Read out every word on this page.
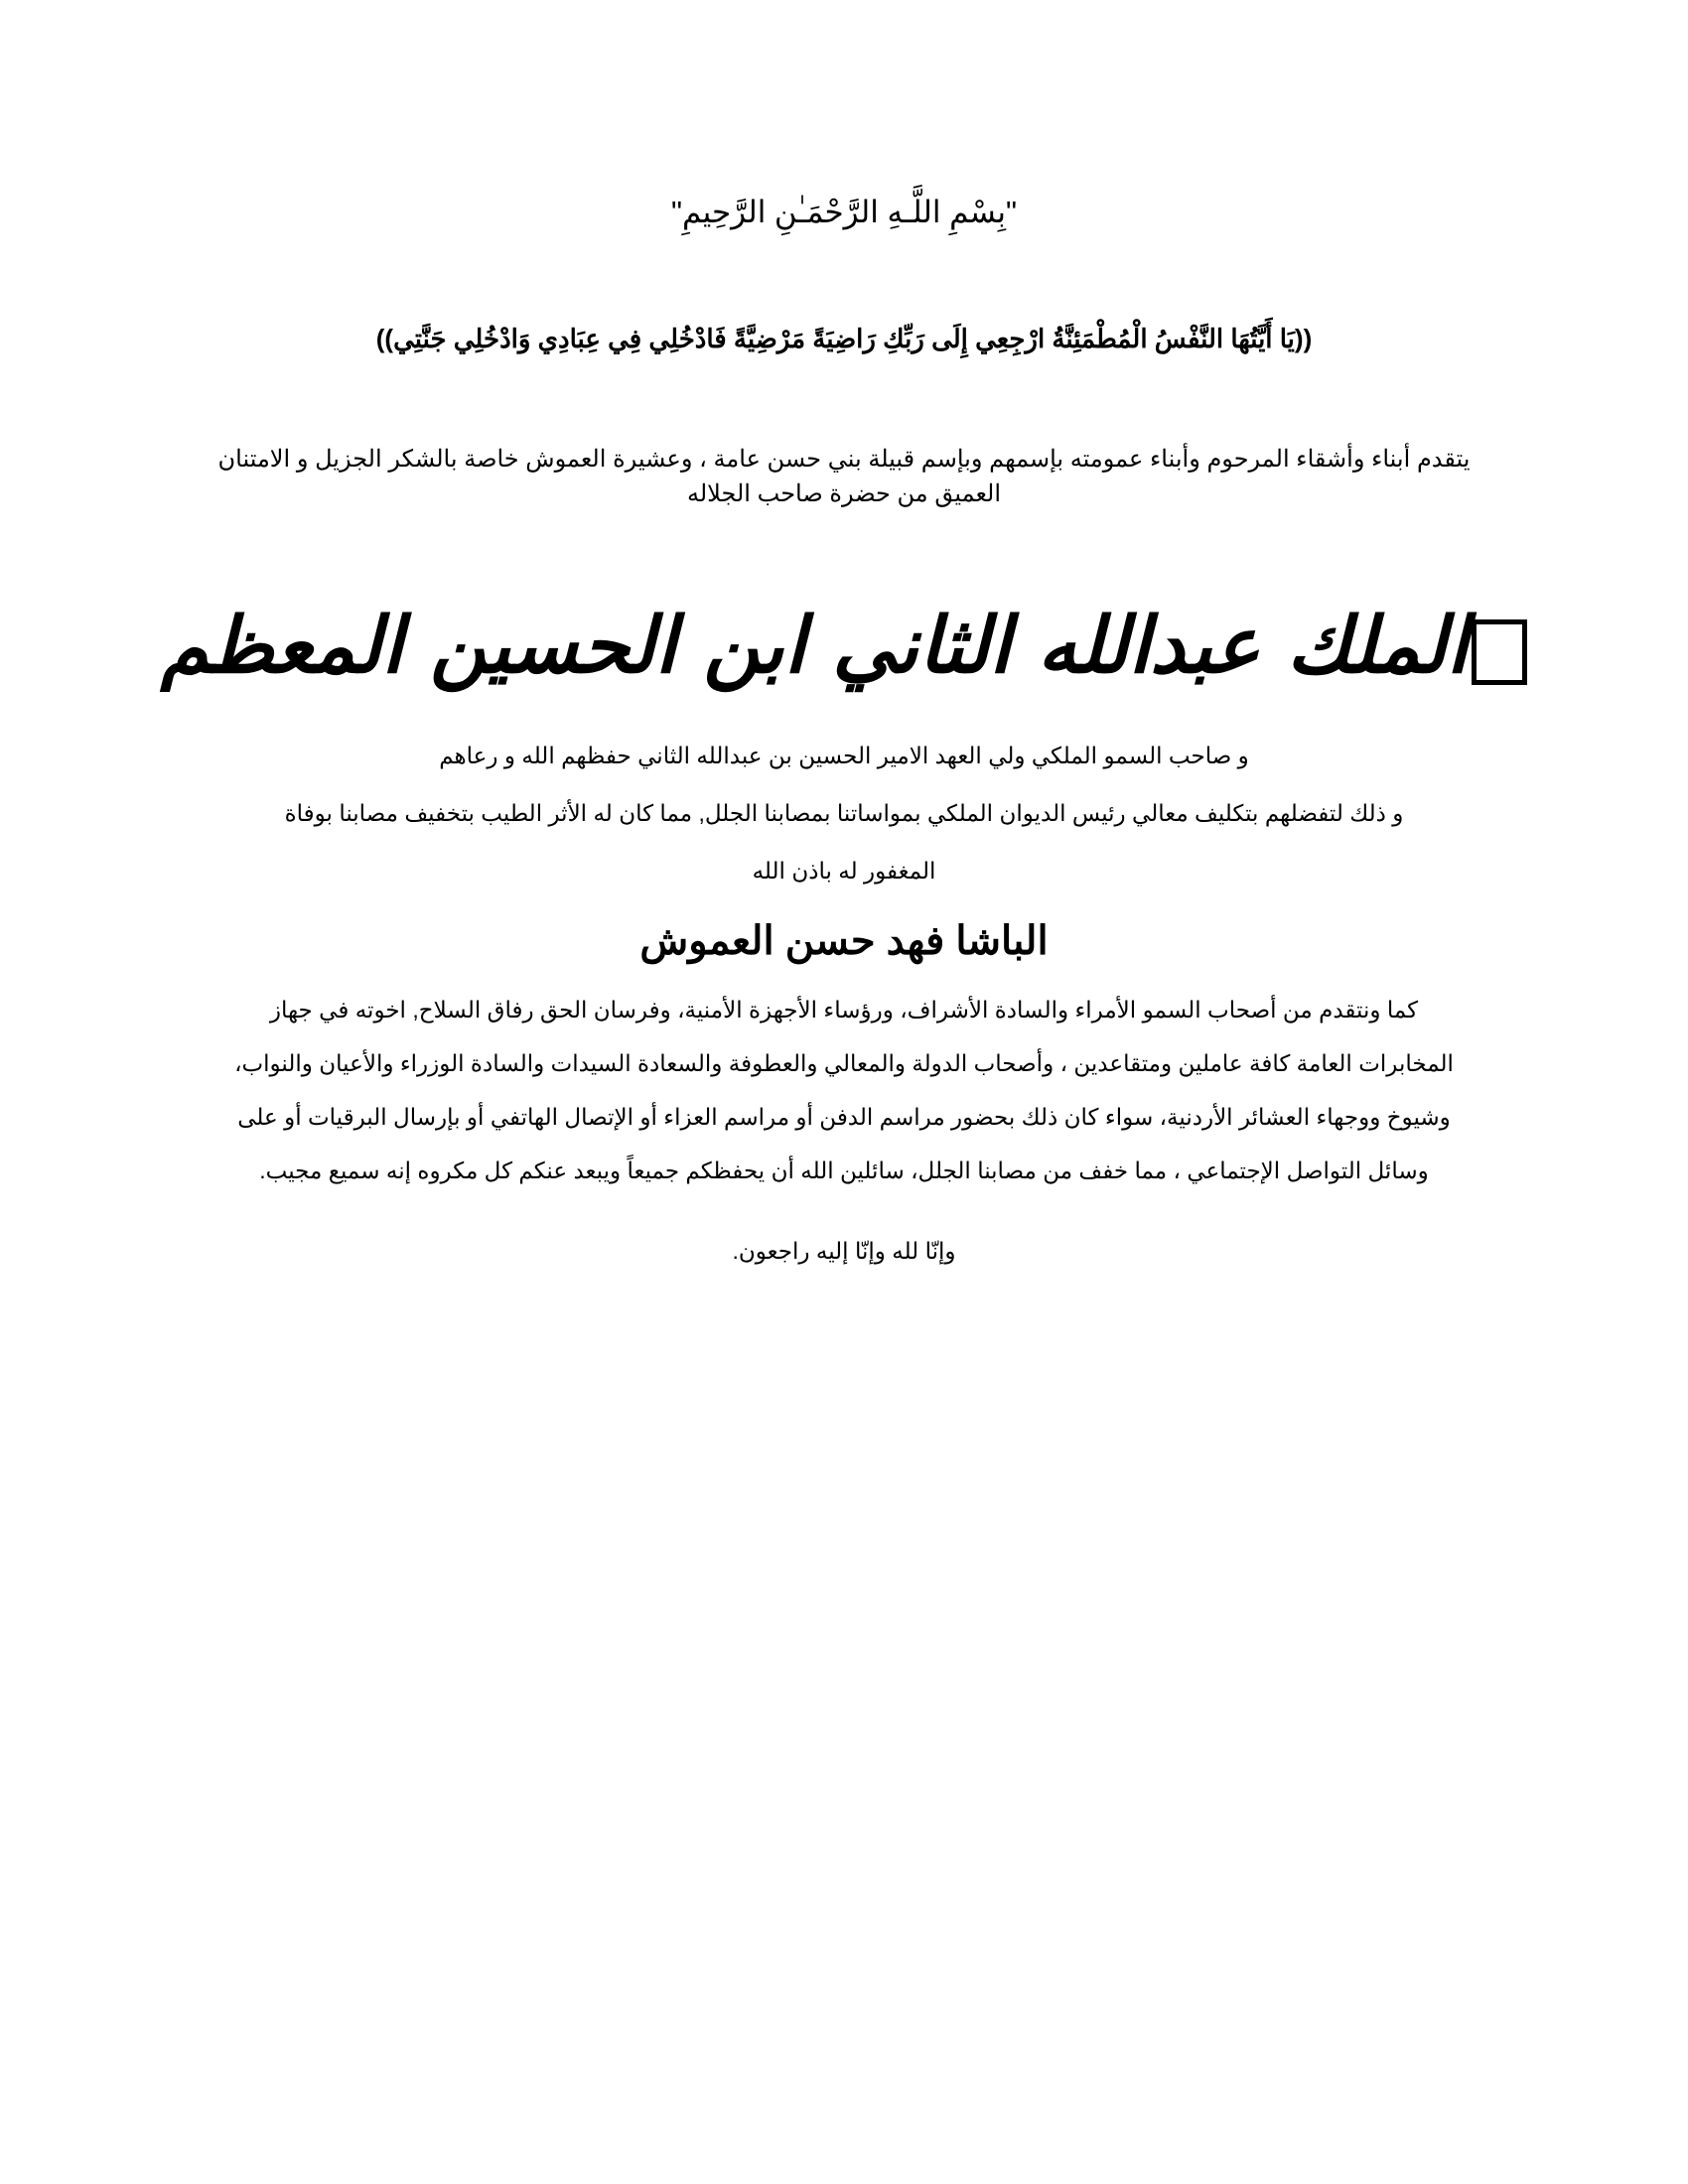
"بِسْمِ اللَّـهِ الرَّحْمَـٰنِ الرَّحِيمِ"
((يَا أَيَّتُهَا النَّفْسُ الْمُطْمَئِنَّةُ ارْجِعِي إِلَى رَبِّكِ رَاضِيَةً مَرْضِيَّةً فَادْخُلِي فِي عِبَادِي وَادْخُلِي جَنَّتِي))
يتقدم أبناء وأشقاء المرحوم وأبناء عمومته بإسمهم وبإسم قبيلة بني حسن عامة ، وعشيرة العموش خاصة بالشكر الجزيل و الامتنان
العميق من حضرة صاحب الجلاله
الملك عبدالله الثاني ابن الحسين المعظم
و صاحب السمو الملكي ولي العهد الامير الحسين بن عبدالله الثاني حفظهم الله و رعاهم
و ذلك لتفضلهم بتكليف معالي رئيس الديوان الملكي بمواساتنا بمصابنا الجلل, مما كان له الأثر الطيب بتخفيف مصابنا بوفاة
المغفور له باذن الله
الباشا فهد حسن العموش
كما ونتقدم من أصحاب السمو الأمراء والسادة الأشراف، ورؤساء الأجهزة الأمنية، وفرسان الحق رفاق السلاح, اخوته في جهاز
المخابرات العامة كافة عاملين ومتقاعدين ، وأصحاب الدولة والمعالي والعطوفة والسعادة السيدات والسادة الوزراء والأعيان والنواب،
وشيوخ ووجهاء العشائر الأردنية، سواء كان ذلك بحضور مراسم الدفن أو مراسم العزاء أو الإتصال الهاتفي أو بإرسال البرقيات أو على
وسائل التواصل الإجتماعي ، مما خفف من مصابنا الجلل، سائلين الله أن يحفظكم جميعاً ويبعد عنكم كل مكروه إنه سميع مجيب.
وإنّا لله وإنّا إليه راجعون.
